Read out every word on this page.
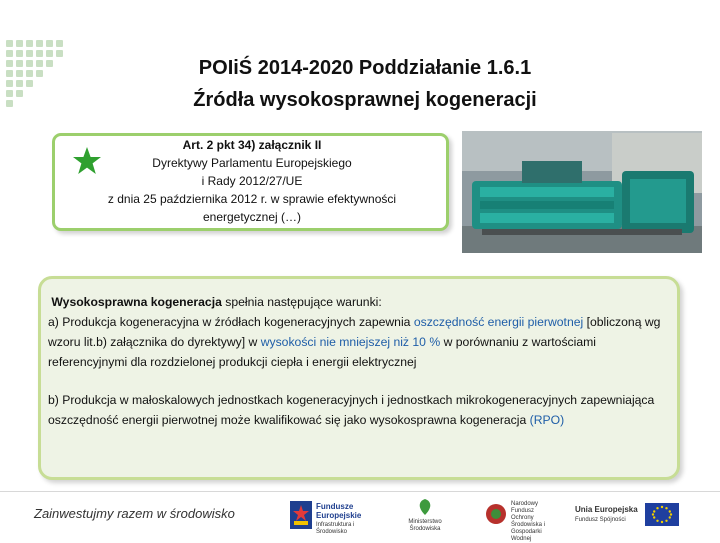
POIiŚ 2014-2020 Poddziałanie 1.6.1
Źródła wysokosprawnej kogeneracji
Art. 2 pkt 34) załącznik II
Dyrektywy Parlamentu Europejskiego
i Rady 2012/27/UE
z dnia 25 października 2012 r. w sprawie efektywności
energetycznej (…)

Wysokosprawna kogeneracja spełnia następujące warunki:

a) Produkcja kogeneracyjna w źródłach kogeneracyjnych zapewnia oszczędność energii pierwotnej [obliczoną wg wzoru lit.b) załącznika do dyrektywy] w wysokości nie mniejszej niż 10 % w porównaniu z wartościami referencyjnymi dla rozdzielonej produkcji ciepła i energii elektrycznej

b) Produkcja w małoskalowych jednostkach kogeneracyjnych i jednostkach mikrokogeneracyjnych zapewniająca oszczędność energii pierwotnej może kwalifikować się jako wysokosprawna kogeneracja (RPO)

Zainwestujmy razem w środowisko	Fundusze Europejskie
Infrastruktura i Środowisko
Ministerstwo Środowiska
Narodowy Fundusz Ochrony Środowiska i Gospodarki Wodnej
Unia Europejska
Fundusz Spójności
